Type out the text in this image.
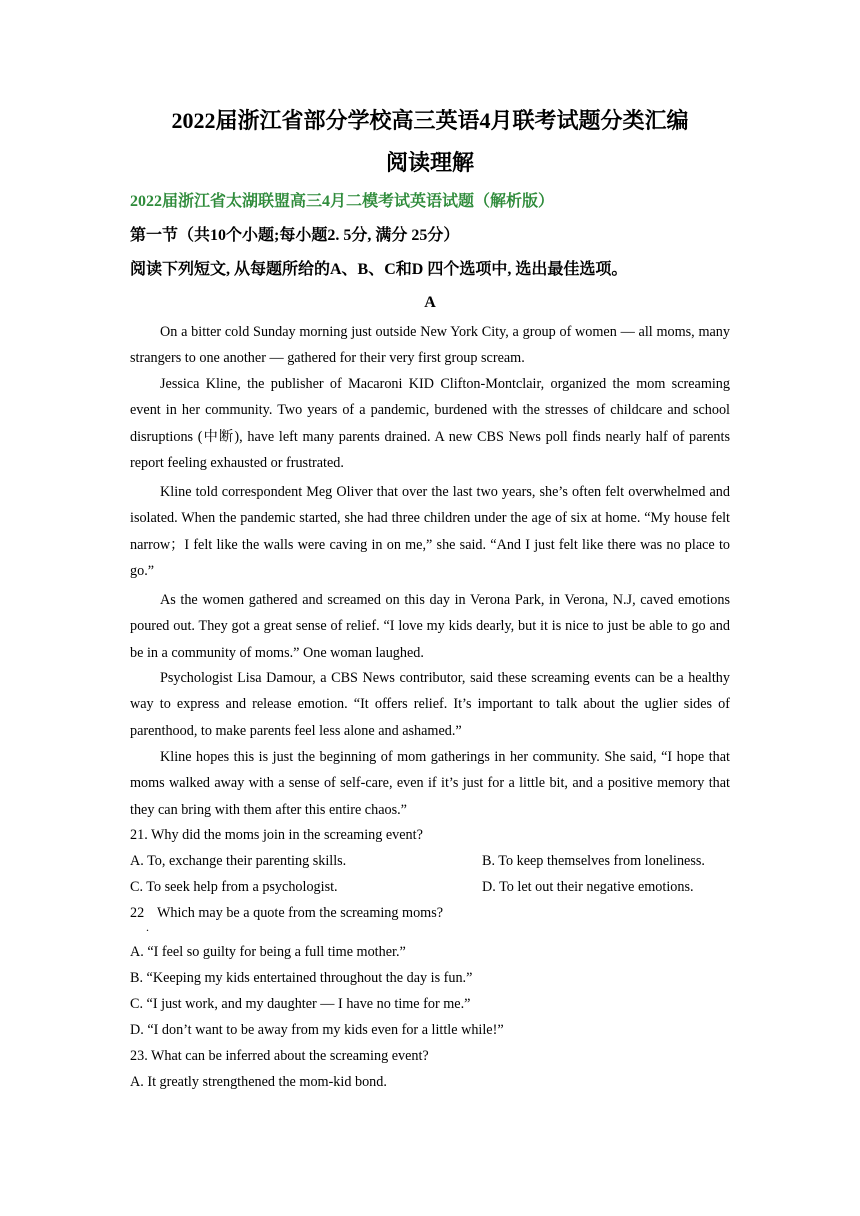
2022届浙江省部分学校高三英语4月联考试题分类汇编
阅读理解
2022届浙江省太湖联盟高三4月二模考试英语试题（解析版）
第一节（共10个小题;每小题2. 5分, 满分 25分）
阅读下列短文, 从每题所给的A、B、C和D 四个选项中, 选出最佳选项。
A

On a bitter cold Sunday morning just outside New York City, a group of women — all moms, many strangers to one another — gathered for their very first group scream.

Jessica Kline, the publisher of Macaroni KID Clifton-Montclair, organized the mom screaming event in her community. Two years of a pandemic, burdened with the stresses of childcare and school disruptions (中断), have left many parents drained. A new CBS News poll finds nearly half of parents report feeling exhausted or frustrated.

Kline told correspondent Meg Oliver that over the last two years, she’s often felt overwhelmed and isolated. When the pandemic started, she had three children under the age of six at home. “My house felt narrow；I felt like the walls were caving in on me,” she said. “And I just felt like there was no place to go.”

As the women gathered and screamed on this day in Verona Park, in Verona, N.J, caved emotions poured out. They got a great sense of relief. “I love my kids dearly, but it is nice to just be able to go and be in a community of moms.” One woman laughed.

Psychologist Lisa Damour, a CBS News contributor, said these screaming events can be a healthy way to express and release emotion. “It offers relief. It’s important to talk about the uglier sides of parenthood, to make parents feel less alone and ashamed.”

Kline hopes this is just the beginning of mom gatherings in her community. She said, “I hope that moms walked away with a sense of self-care, even if it’s just for a little bit, and a positive memory that they can bring with them after this entire chaos.”

21. Why did the moms join in the screaming event?
A. To, exchange their parenting skills.	B. To keep themselves from loneliness.
C. To seek help from a psychologist.	D. To let out their negative emotions.
22
.
Which may be a quote from the screaming moms?
A. “I feel so guilty for being a full time mother.”
B. “Keeping my kids entertained throughout the day is fun.”
C. “I just work, and my daughter — I have no time for me.”
D. “I don’t want to be away from my kids even for a little while!”
23. What can be inferred about the screaming event?
A. It greatly strengthened the mom-kid bond.
